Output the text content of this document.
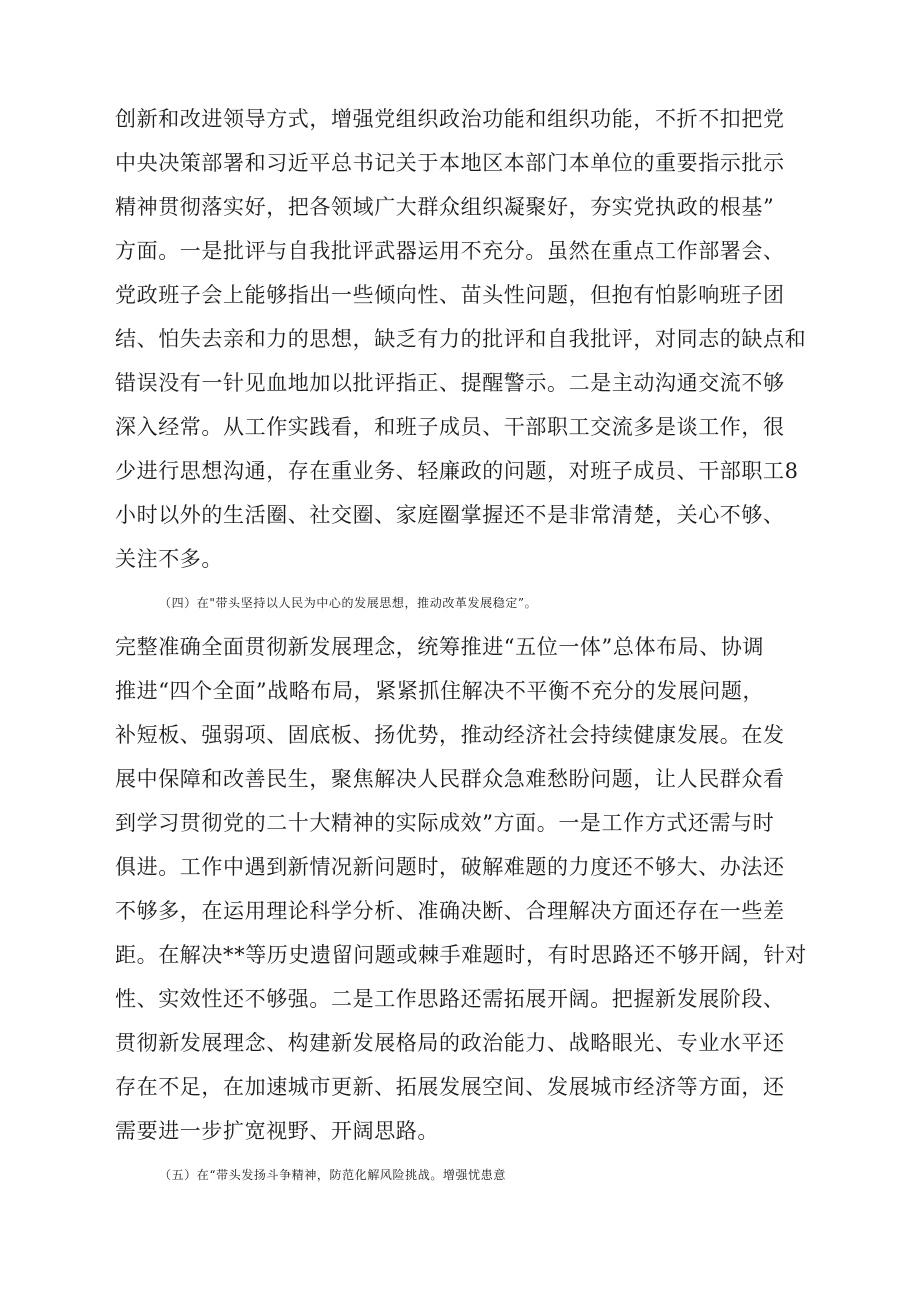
创新和改进领导方式，增强党组织政治功能和组织功能，不折不扣把党
中央决策部署和习近平总书记关于本地区本部门本单位的重要指示批示
精神贯彻落实好，把各领域广大群众组织凝聚好，夯实党执政的根基”
方面。一是批评与自我批评武器运用不充分。虽然在重点工作部署会、
党政班子会上能够指出一些倾向性、苗头性问题，但抱有怕影响班子团
结、怕失去亲和力的思想，缺乏有力的批评和自我批评，对同志的缺点和
错误没有一针见血地加以批评指正、提醒警示。二是主动沟通交流不够
深入经常。从工作实践看，和班子成员、干部职工交流多是谈工作，很
少进行思想沟通，存在重业务、轻廉政的问题，对班子成员、干部职工8
小时以外的生活圈、社交圈、家庭圈掌握还不是非常清楚，关心不够、
关注不多。
（四）在"带头坚持以人民为中心的发展思想，推动改革发展稳定”。
完整准确全面贯彻新发展理念，统筹推进“五位一体”总体布局、协调
推进“四个全面”战略布局，紧紧抓住解决不平衡不充分的发展问题，
补短板、强弱项、固底板、扬优势，推动经济社会持续健康发展。在发
展中保障和改善民生，聚焦解决人民群众急难愁盼问题，让人民群众看
到学习贯彻党的二十大精神的实际成效”方面。一是工作方式还需与时
俱进。工作中遇到新情况新问题时，破解难题的力度还不够大、办法还
不够多，在运用理论科学分析、准确决断、合理解决方面还存在一些差
距。在解决**等历史遗留问题或棘手难题时，有时思路还不够开阔，针对
性、实效性还不够强。二是工作思路还需拓展开阔。把握新发展阶段、
贯彻新发展理念、构建新发展格局的政治能力、战略眼光、专业水平还
存在不足，在加速城市更新、拓展发展空间、发展城市经济等方面，还
需要进一步扩宽视野、开阔思路。
（五）在“带头发扬斗争精神，防范化解风险挑战。增强忧患意
